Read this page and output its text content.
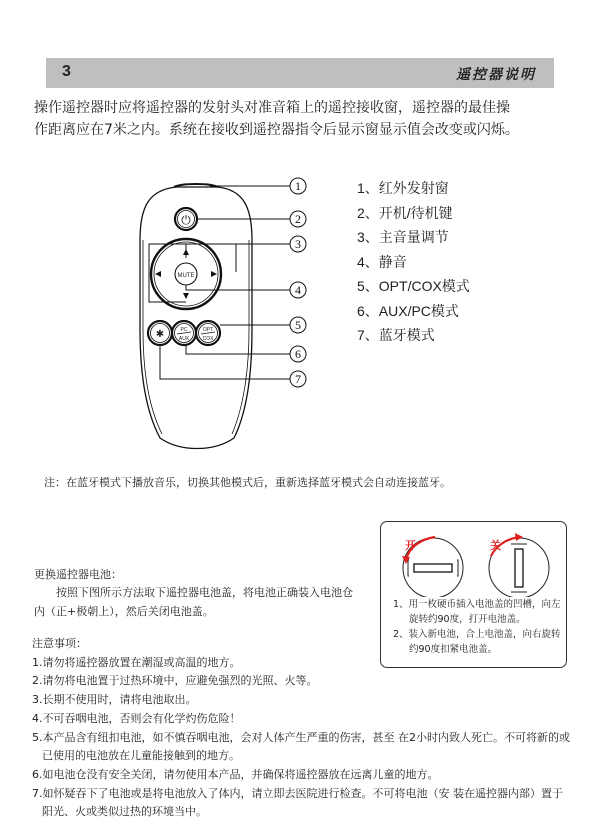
3	遥控器说明
操作遥控器时应将遥控器的发射头对准音箱上的遥控接收窗，遥控器的最佳操
作距离应在7米之内。系统在接收到遥控器指令后显示窗显示值会改变或闪烁。
1
2
3
4
5
6
7
⏻
MUTE
✱	PC
AUX
OPT
COX
1、红外发射窗
2、开机/待机键
3、主音量调节
4、静音
5、OPT/COX模式
6、AUX/PC模式
7、蓝牙模式
注：在蓝牙模式下播放音乐，切换其他模式后，重新选择蓝牙模式会自动连接蓝牙。
开	关
1、用一枚硬币插入电池盖的凹槽，向左旋转约90度，打开电池盖。
2、装入新电池，合上电池盖，向右旋转约90度扣紧电池盖。
更换遥控器电池：
按照下图所示方法取下遥控器电池盖，将电池正确装入电池仓
内（正+极朝上），然后关闭电池盖。
注意事项：
1.请勿将遥控器放置在潮湿或高温的地方。
2.请勿将电池置于过热环境中，应避免强烈的光照、火等。
3.长期不使用时，请将电池取出。
4.不可吞咽电池，否则会有化学灼伤危险！
5.本产品含有纽扣电池，如不慎吞咽电池，会对人体产生严重的伤害，甚至 在2小时内致人死亡。不可将新的或已使用的电池放在儿童能接触到的地方。
6.如电池仓没有安全关闭，请勿使用本产品，并确保将遥控器放在远离儿童的地方。
7.如怀疑吞下了电池或是将电池放入了体内，请立即去医院进行检查。不可将电池（安 装在遥控器内部）置于阳光、火或类似过热的环境当中。
